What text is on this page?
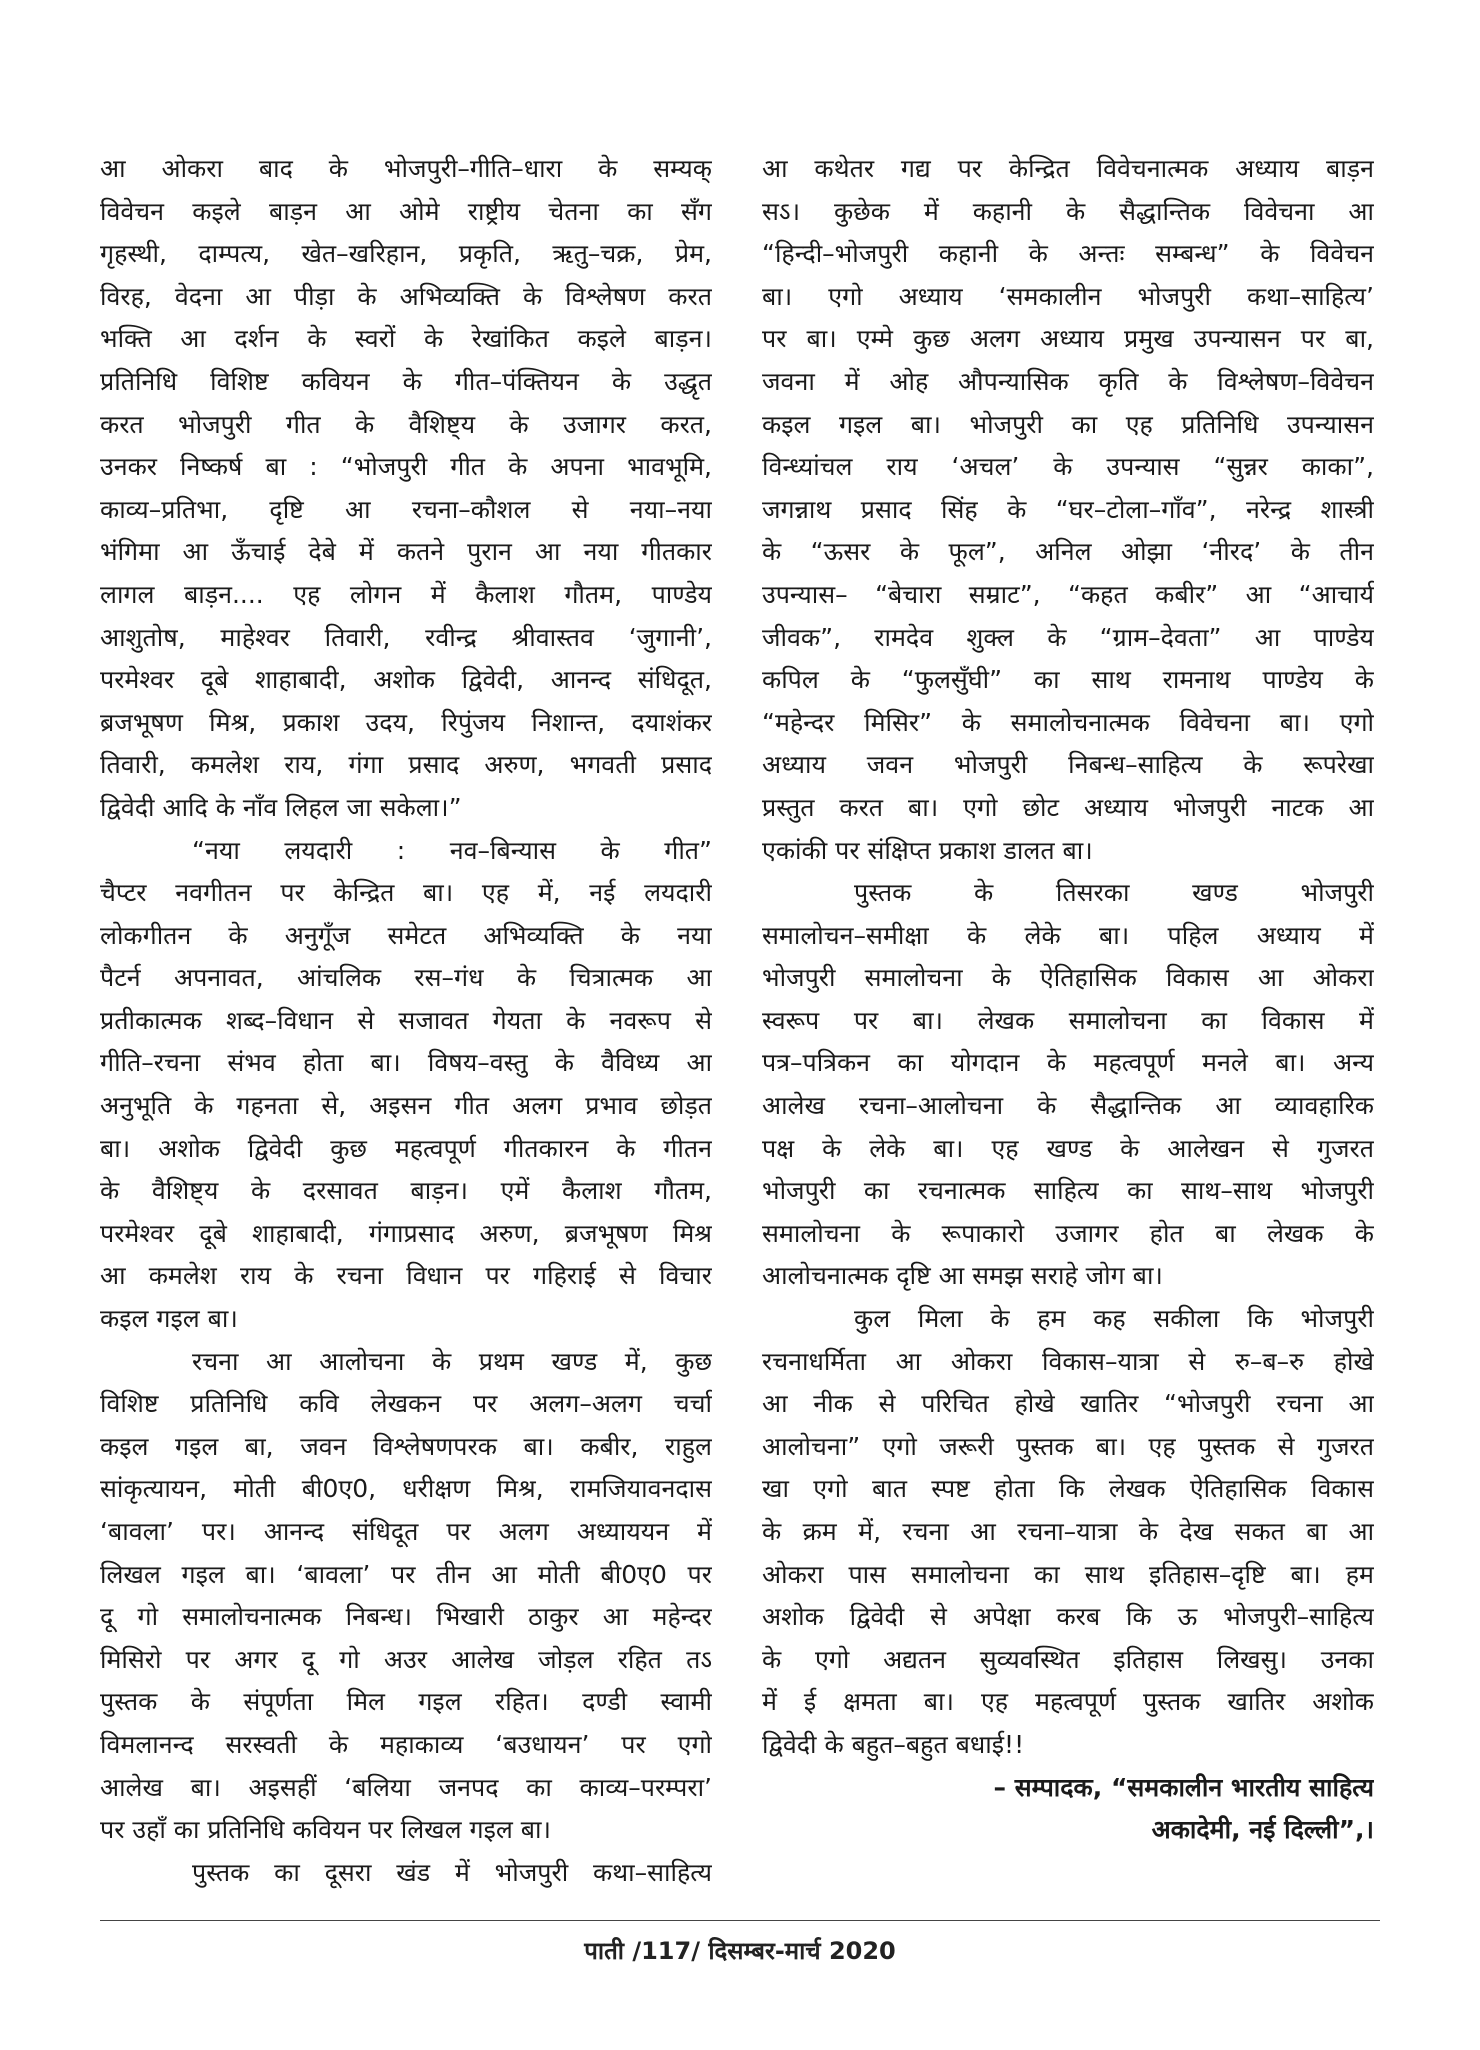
आ ओकरा बाद के भोजपुरी–गीति–धारा के सम्यक्
विवेचन कइले बाड़न आ ओमे राष्ट्रीय चेतना का सँग
गृहस्थी, दाम्पत्य, खेत–खरिहान, प्रकृति, ऋतु–चक्र, प्रेम,
विरह, वेदना आ पीड़ा के अभिव्यक्ति के विश्लेषण करत
भक्ति आ दर्शन के स्वरों के रेखांकित कइले बाड़न।
प्रतिनिधि विशिष्ट कवियन के गीत–पंक्तियन के उद्धृत
करत भोजपुरी गीत के वैशिष्ट्य के उजागर करत,
उनकर निष्कर्ष बा : “भोजपुरी गीत के अपना भावभूमि,
काव्य–प्रतिभा, दृष्टि आ रचना–कौशल से नया–नया
भंगिमा आ ऊँचाई देबे में कतने पुरान आ नया गीतकार
लागल बाड़न.... एह लोगन में कैलाश गौतम, पाण्डेय
आशुतोष, माहेश्वर तिवारी, रवीन्द्र श्रीवास्तव ‘जुगानी’,
परमेश्वर दूबे शाहाबादी, अशोक द्विवेदी, आनन्द संधिदूत,
ब्रजभूषण मिश्र, प्रकाश उदय, रिपुंजय निशान्त, दयाशंकर
तिवारी, कमलेश राय, गंगा प्रसाद अरुण, भगवती प्रसाद
द्विवेदी आदि के नाँव लिहल जा सकेला।”
“नया लयदारी : नव–बिन्यास के गीत”
चैप्टर नवगीतन पर केन्द्रित बा। एह में, नई लयदारी
लोकगीतन के अनुगूँज समेटत अभिव्यक्ति के नया
पैटर्न अपनावत, आंचलिक रस–गंध के चित्रात्मक आ
प्रतीकात्मक शब्द–विधान से सजावत गेयता के नवरूप से
गीति–रचना संभव होता बा। विषय–वस्तु के वैविध्य आ
अनुभूति के गहनता से, अइसन गीत अलग प्रभाव छोड़त
बा। अशोक द्विवेदी कुछ महत्वपूर्ण गीतकारन के गीतन
के वैशिष्ट्य के दरसावत बाड़न। एमें कैलाश गौतम,
परमेश्वर दूबे शाहाबादी, गंगाप्रसाद अरुण, ब्रजभूषण मिश्र
आ कमलेश राय के रचना विधान पर गहिराई से विचार
कइल गइल बा।
रचना आ आलोचना के प्रथम खण्ड में, कुछ
विशिष्ट प्रतिनिधि कवि लेखकन पर अलग–अलग चर्चा
कइल गइल बा, जवन विश्लेषणपरक बा। कबीर, राहुल
सांकृत्यायन, मोती बी0ए0, धरीक्षण मिश्र, रामजियावनदास
‘बावला’ पर। आनन्द संधिदूत पर अलग अध्याययन में
लिखल गइल बा। ‘बावला’ पर तीन आ मोती बी0ए0 पर
दू गो समालोचनात्मक निबन्ध। भिखारी ठाकुर आ महेन्दर
मिसिरो पर अगर दू गो अउर आलेख जोड़ल रहित तऽ
पुस्तक के संपूर्णता मिल गइल रहित। दण्डी स्वामी
विमलानन्द सरस्वती के महाकाव्य ‘बउधायन’ पर एगो
आलेख बा। अइसहीं ‘बलिया जनपद का काव्य–परम्परा’
पर उहाँ का प्रतिनिधि कवियन पर लिखल गइल बा।
पुस्तक का दूसरा खंड में भोजपुरी कथा–साहित्य
आ कथेतर गद्य पर केन्द्रित विवेचनात्मक अध्याय बाड़न
सऽ। कुछेक में कहानी के सैद्धान्तिक विवेचना आ
“हिन्दी–भोजपुरी कहानी के अन्तः सम्बन्ध” के विवेचन
बा। एगो अध्याय ‘समकालीन भोजपुरी कथा–साहित्य’
पर बा। एम्मे कुछ अलग अध्याय प्रमुख उपन्यासन पर बा,
जवना में ओह औपन्यासिक कृति के विश्लेषण–विवेचन
कइल गइल बा। भोजपुरी का एह प्रतिनिधि उपन्यासन
विन्ध्यांचल राय ‘अचल’ के उपन्यास “सुन्नर काका”,
जगन्नाथ प्रसाद सिंह के “घर–टोला–गाँव”, नरेन्द्र शास्त्री
के “ऊसर के फूल”, अनिल ओझा ‘नीरद’ के तीन
उपन्यास– “बेचारा सम्राट”, “कहत कबीर” आ “आचार्य
जीवक”, रामदेव शुक्ल के “ग्राम–देवता” आ पाण्डेय
कपिल के “फुलसुँघी” का साथ रामनाथ पाण्डेय के
“महेन्दर मिसिर” के समालोचनात्मक विवेचना बा। एगो
अध्याय जवन भोजपुरी निबन्ध–साहित्य के रूपरेखा
प्रस्तुत करत बा। एगो छोट अध्याय भोजपुरी नाटक आ
एकांकी पर संक्षिप्त प्रकाश डालत बा।
पुस्तक के तिसरका खण्ड भोजपुरी
समालोचन–समीक्षा के लेके बा। पहिल अध्याय में
भोजपुरी समालोचना के ऐतिहासिक विकास आ ओकरा
स्वरूप पर बा। लेखक समालोचना का विकास में
पत्र–पत्रिकन का योगदान के महत्वपूर्ण मनले बा। अन्य
आलेख रचना–आलोचना के सैद्धान्तिक आ व्यावहारिक
पक्ष के लेके बा। एह खण्ड के आलेखन से गुजरत
भोजपुरी का रचनात्मक साहित्य का साथ–साथ भोजपुरी
समालोचना के रूपाकारो उजागर होत बा लेखक के
आलोचनात्मक दृष्टि आ समझ सराहे जोग बा।
कुल मिला के हम कह सकीला कि भोजपुरी
रचनाधर्मिता आ ओकरा विकास–यात्रा से रु–ब–रु होखे
आ नीक से परिचित होखे खातिर “भोजपुरी रचना आ
आलोचना” एगो जरूरी पुस्तक बा। एह पुस्तक से गुजरत
खा एगो बात स्पष्ट होता कि लेखक ऐतिहासिक विकास
के क्रम में, रचना आ रचना–यात्रा के देख सकत बा आ
ओकरा पास समालोचना का साथ इतिहास–दृष्टि बा। हम
अशोक द्विवेदी से अपेक्षा करब कि ऊ भोजपुरी–साहित्य
के एगो अद्यतन सुव्यवस्थित इतिहास लिखसु। उनका
में ई क्षमता बा। एह महत्वपूर्ण पुस्तक खातिर अशोक
द्विवेदी के बहुत–बहुत बधाई!!
– सम्पादक, “समकालीन भारतीय साहित्य
अकादेमी, नई दिल्ली”,।
पाती /117/ दिसम्बर-मार्च 2020
